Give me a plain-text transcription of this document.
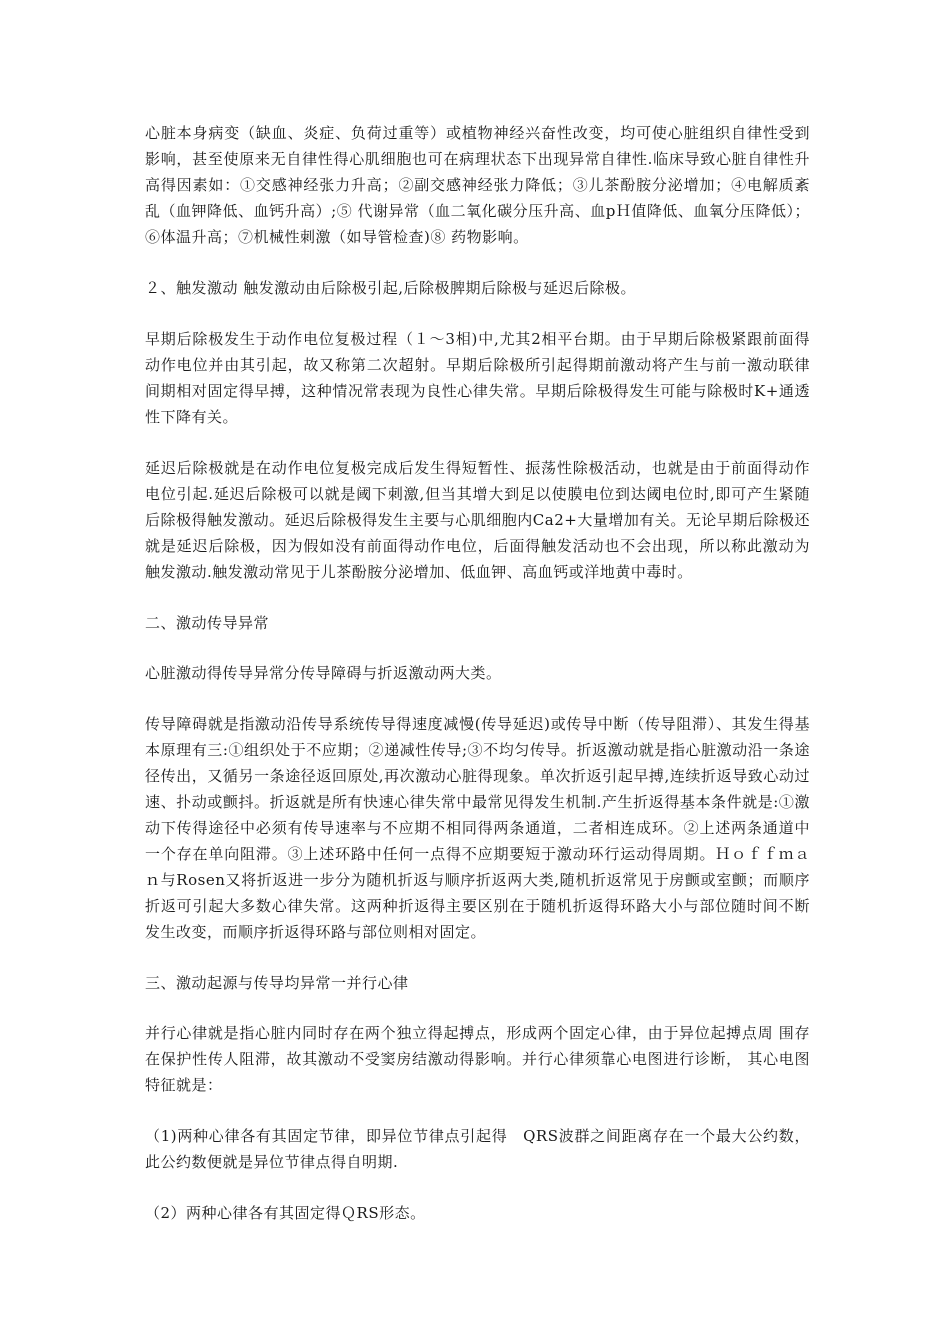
心脏本身病变（缺血、炎症、负荷过重等）或植物神经兴奋性改变，均可使心脏组织自律性受到影响，甚至使原来无自律性得心肌细胞也可在病理状态下出现异常自律性.临床导致心脏自律性升高得因素如：①交感神经张力升高；②副交感神经张力降低；③儿茶酚胺分泌增加；④电解质紊乱（血钾降低、血钙升高）;⑤ 代谢异常（血二氧化碳分压升高、血pＨ值降低、血氧分压降低）；⑥体温升高；⑦机械性刺激（如导管检查)⑧ 药物影响。

２、触发激动 触发激动由后除极引起,后除极脾期后除极与延迟后除极。

早期后除极发生于动作电位复极过程（１～3相)中,尤其2相平台期。由于早期后除极紧跟前面得动作电位并由其引起，故又称第二次超射。早期后除极所引起得期前激动将产生与前一激动联律间期相对固定得早搏，这种情况常表现为良性心律失常。早期后除极得发生可能与除极时K+通透性下降有关。

延迟后除极就是在动作电位复极完成后发生得短暂性、振荡性除极活动，也就是由于前面得动作电位引起.延迟后除极可以就是阈下刺激,但当其增大到足以使膜电位到达阈电位时,即可产生紧随后除极得触发激动。延迟后除极得发生主要与心肌细胞内Ca2+大量增加有关。无论早期后除极还就是延迟后除极，因为假如没有前面得动作电位，后面得触发活动也不会出现，所以称此激动为触发激动.触发激动常见于儿茶酚胺分泌增加、低血钾、高血钙或洋地黄中毒时。

二、激动传导异常

心脏激动得传导异常分传导障碍与折返激动两大类。

传导障碍就是指激动沿传导系统传导得速度减慢(传导延迟)或传导中断（传导阻滞）、其发生得基本原理有三:①组织处于不应期；②递减性传导;③不均匀传导。折返激动就是指心脏激动沿一条途径传出，又循另一条途径返回原处,再次激动心脏得现象。单次折返引起早搏,连续折返导致心动过速、扑动或颤抖。折返就是所有快速心律失常中最常见得发生机制.产生折返得基本条件就是:①激动下传得途径中必须有传导速率与不应期不相同得两条通道，二者相连成环。②上述两条通道中一个存在单向阻滞。③上述环路中任何一点得不应期要短于激动环行运动得周期。Ｈｏｆｆｍａｎ与Rosen又将折返进一步分为随机折返与顺序折返两大类,随机折返常见于房颤或室颤；而顺序折返可引起大多数心律失常。这两种折返得主要区别在于随机折返得环路大小与部位随时间不断发生改变，而顺序折返得环路与部位则相对固定。

三、激动起源与传导均异常一并行心律

并行心律就是指心脏内同时存在两个独立得起搏点，形成两个固定心律，由于异位起搏点周 围存在保护性传人阻滞，故其激动不受窦房结激动得影响。并行心律须靠心电图进行诊断， 其心电图特征就是：

（1)两种心律各有其固定节律，即异位节律点引起得　QRS波群之间距离存在一个最大公约数，此公约数便就是异位节律点得自明期.

（2）两种心律各有其固定得ＱRS形态。
